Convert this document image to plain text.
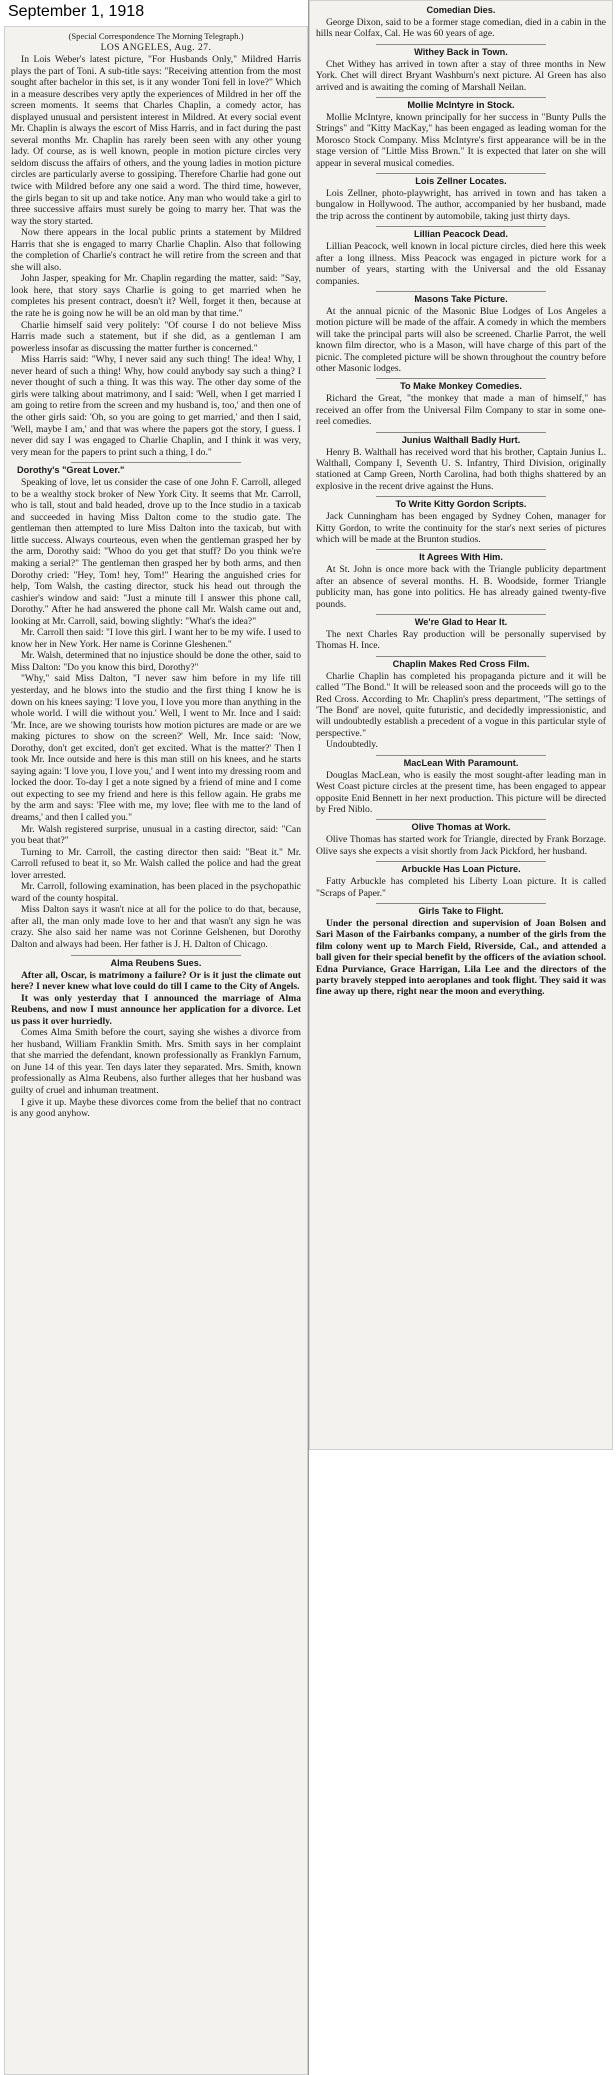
September 1, 1918
(Special Correspondence The Morning Telegraph.)
LOS ANGELES, Aug. 27.

In Lois Weber's latest picture, "For Husbands Only," Mildred Harris plays the part of Toni. A sub-title says: "Receiving attention from the most sought after bachelor in this set, is it any wonder Toni fell in love?" Which in a measure describes very aptly the experiences of Mildred in her off the screen moments. It seems that Charles Chaplin, a comedy actor, has displayed unusual and persistent interest in Mildred. At every social event Mr. Chaplin is always the escort of Miss Harris, and in fact during the past several months Mr. Chaplin has rarely been seen with any other young lady. Of course, as is well known, people in motion picture circles very seldom discuss the affairs of others, and the young ladies in motion picture circles are particularly averse to gossiping. Therefore Charlie had gone out twice with Mildred before any one said a word. The third time, however, the girls began to sit up and take notice. Any man who would take a girl to three successive affairs must surely be going to marry her. That was the way the story started.

Now there appears in the local public prints a statement by Mildred Harris that she is engaged to marry Charlie Chaplin. Also that following the completion of Charlie's contract he will retire from the screen and that she will also.

John Jasper, speaking for Mr. Chaplin regarding the matter, said: "Say, look here, that story says Charlie is going to get married when he completes his present contract, doesn't it? Well, forget it then, because at the rate he is going now he will be an old man by that time."

Charlie himself said very politely: "Of course I do not believe Miss Harris made such a statement, but if she did, as a gentleman I am powerless insofar as discussing the matter further is concerned."

Miss Harris said: "Why, I never said any such thing! The idea! Why, I never heard of such a thing! Why, how could anybody say such a thing? I never thought of such a thing. It was this way. The other day some of the girls were talking about matrimony, and I said: 'Well, when I get married I am going to retire from the screen and my husband is, too,' and then one of the other girls said: 'Oh, so you are going to get married,' and then I said, 'Well, maybe I am,' and that was where the papers got the story, I guess. I never did say I was engaged to Charlie Chaplin, and I think it was very, very mean for the papers to print such a thing, I do."

Dorothy's "Great Lover."

Speaking of love, let us consider the case of one John F. Carroll, alleged to be a wealthy stock broker of New York City. It seems that Mr. Carroll, who is tall, stout and bald headed, drove up to the Ince studio in a taxicab and succeeded in having Miss Dalton come to the studio gate. The gentleman then attempted to lure Miss Dalton into the taxicab, but with little success. Always courteous, even when the gentleman grasped her by the arm, Dorothy said: "Whoo do you get that stuff? Do you think we're making a serial?" The gentleman then grasped her by both arms, and then Dorothy cried: "Hey, Tom! hey, Tom!" Hearing the anguished cries for help, Tom Walsh, the casting director, stuck his head out through the cashier's window and said: "Just a minute till I answer this phone call, Dorothy." After he had answered the phone call Mr. Walsh came out and, looking at Mr. Carroll, said, bowing slightly: "What's the idea?"

Mr. Carroll then said: "I love this girl. I want her to be my wife. I used to know her in New York. Her name is Corinne Gleshenen."

Mr. Walsh, determined that no injustice should be done the other, said to Miss Dalton: "Do you know this bird, Dorothy?"

"Why," said Miss Dalton, "I never saw him before in my life till yesterday, and he blows into the studio and the first thing I know he is down on his knees saying: 'I love you, I love you more than anything in the whole world. I will die without you.' Well, I went to Mr. Ince and I said: 'Mr. Ince, are we showing tourists how motion pictures are made or are we making pictures to show on the screen?' Well, Mr. Ince said: 'Now, Dorothy, don't get excited, don't get excited. What is the matter?' Then I took Mr. Ince outside and here is this man still on his knees, and he starts saying again: 'I love you, I love you,' and I went into my dressing room and locked the door. To-day I get a note signed by a friend of mine and I come out expecting to see my friend and here is this fellow again. He grabs me by the arm and says: 'Flee with me, my love; flee with me to the land of dreams,' and then I called you."

Mr. Walsh registered surprise, unusual in a casting director, said: "Can you beat that?"

Turning to Mr. Carroll, the casting director then said: "Beat it." Mr. Carroll refused to beat it, so Mr. Walsh called the police and had the great lover arrested.

Mr. Carroll, following examination, has been placed in the psychopathic ward of the county hospital.

Miss Dalton says it wasn't nice at all for the police to do that, because, after all, the man only made love to her and that wasn't any sign he was crazy. She also said her name was not Corinne Gelshenen, but Dorothy Dalton and always had been. Her father is J. H. Dalton of Chicago.

Alma Reubens Sues.

After all, Oscar, is matrimony a failure? Or is it just the climate out here? I never knew what love could do till I came to the City of Angels.

It was only yesterday that I announced the marriage of Alma Reubens, and now I must announce her application for a divorce. Let us pass it over hurriedly.

Comes Alma Smith before the court, saying she wishes a divorce from her husband, William Franklin Smith. Mrs. Smith says in her complaint that she married the defendant, known professionally as Franklyn Farnum, on June 14 of this year. Ten days later they separated. Mrs. Smith, known professionally as Alma Reubens, also further alleges that her husband was guilty of cruel and inhuman treatment.

I give it up. Maybe these divorces come from the belief that no contract is any good anyhow.

Comedian Dies.

George Dixon, said to be a former stage comedian, died in a cabin in the hills near Colfax, Cal. He was 60 years of age.

Withey Back in Town.

Chet Withey has arrived in town after a stay of three months in New York. Chet will direct Bryant Washburn's next picture. Al Green has also arrived and is awaiting the coming of Marshall Neilan.

Mollie McIntyre in Stock.

Mollie McIntyre, known principally for her success in "Bunty Pulls the Strings" and "Kitty MacKay," has been engaged as leading woman for the Morosco Stock Company. Miss McIntyre's first appearance will be in the stage version of "Little Miss Brown." It is expected that later on she will appear in several musical comedies.

Lois Zellner Locates.

Lois Zellner, photo-playwright, has arrived in town and has taken a bungalow in Hollywood. The author, accompanied by her husband, made the trip across the continent by automobile, taking just thirty days.

Lillian Peacock Dead.

Lillian Peacock, well known in local picture circles, died here this week after a long illness. Miss Peacock was engaged in picture work for a number of years, starting with the Universal and the old Essanay companies.

Masons Take Picture.

At the annual picnic of the Masonic Blue Lodges of Los Angeles a motion picture will be made of the affair. A comedy in which the members will take the principal parts will also be screened. Charlie Parrot, the well known film director, who is a Mason, will have charge of this part of the picnic. The completed picture will be shown throughout the country before other Masonic lodges.

To Make Monkey Comedies.

Richard the Great, "the monkey that made a man of himself," has received an offer from the Universal Film Company to star in some one-reel comedies.

Junius Walthall Badly Hurt.

Henry B. Walthall has received word that his brother, Captain Junius L. Walthall, Company I, Seventh U. S. Infantry, Third Division, originally stationed at Camp Green, North Carolina, had both thighs shattered by an explosive in the recent drive against the Huns.

To Write Kitty Gordon Scripts.

Jack Cunningham has been engaged by Sydney Cohen, manager for Kitty Gordon, to write the continuity for the star's next series of pictures which will be made at the Brunton studios.

It Agrees With Him.

At St. John is once more back with the Triangle publicity department after an absence of several months. H. B. Woodside, former Triangle publicity man, has gone into politics. He has already gained twenty-five pounds.

We're Glad to Hear It.

The next Charles Ray production will be personally supervised by Thomas H. Ince.

Chaplin Makes Red Cross Film.

Charlie Chaplin has completed his propaganda picture and it will be called "The Bond." It will be released soon and the proceeds will go to the Red Cross. According to Mr. Chaplin's press department, "The settings of 'The Bond' are novel, quite futuristic, and decidedly impressionistic, and will undoubtedly establish a precedent of a vogue in this particular style of perspective."

Undoubtedly.

MacLean With Paramount.

Douglas MacLean, who is easily the most sought-after leading man in West Coast picture circles at the present time, has been engaged to appear opposite Enid Bennett in her next production. This picture will be directed by Fred Niblo.

Olive Thomas at Work.

Olive Thomas has started work for Triangle, directed by Frank Borzage. Olive says she expects a visit shortly from Jack Pickford, her husband.

Arbuckle Has Loan Picture.

Fatty Arbuckle has completed his Liberty Loan picture. It is called "Scraps of Paper."

Girls Take to Flight.

Under the personal direction and supervision of Joan Bolsen and Sari Mason of the Fairbanks company, a number of the girls from the film colony went up to March Field, Riverside, Cal., and attended a ball given for their special benefit by the officers of the aviation school. Edna Purviance, Grace Harrigan, Lila Lee and the directors of the party bravely stepped into aeroplanes and took flight. They said it was fine away up there, right near the moon and everything.
